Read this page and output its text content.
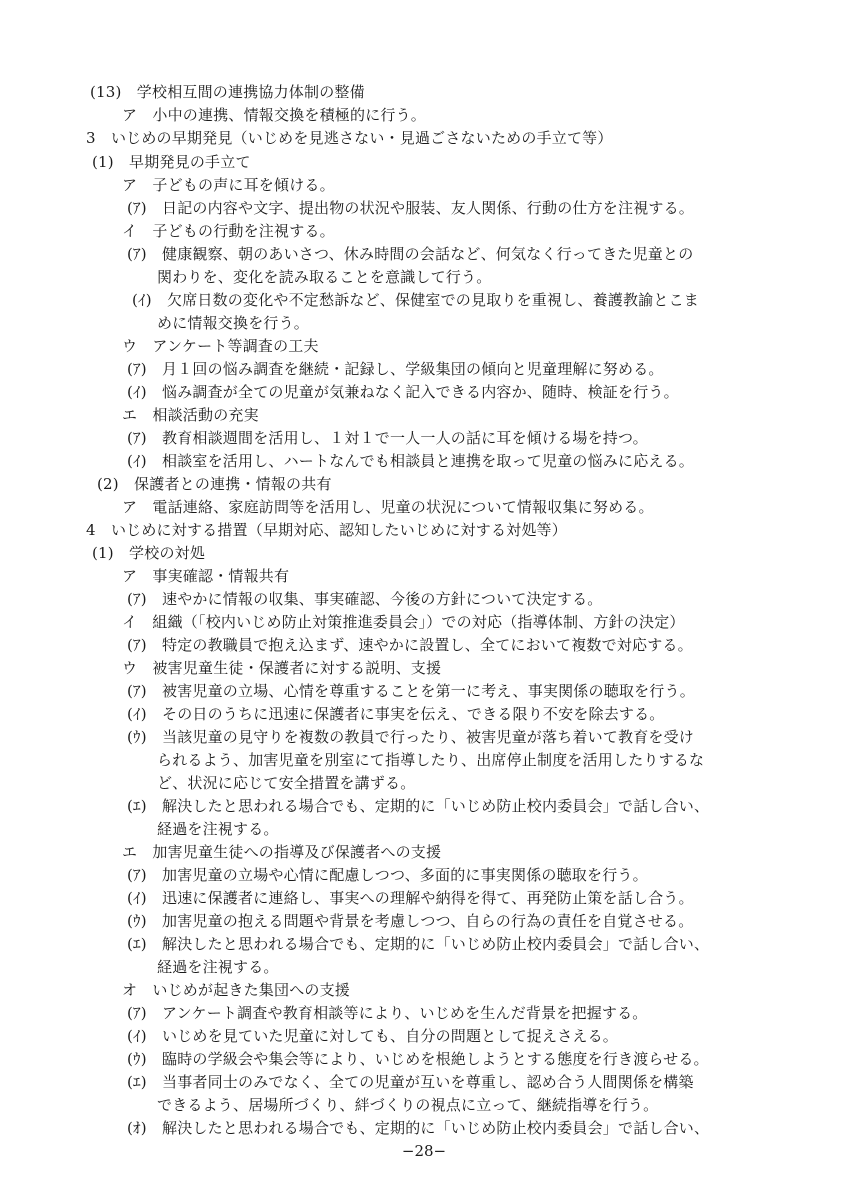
(13)　学校相互間の連携協力体制の整備
ア　小中の連携、情報交換を積極的に行う。
3　いじめの早期発見（いじめを見逃さない・見過ごさないための手立て等）
(1)　早期発見の手立て
ア　子どもの声に耳を傾ける。
(ｱ)　日記の内容や文字、提出物の状況や服装、友人関係、行動の仕方を注視する。
イ　子どもの行動を注視する。
(ｱ)　健康観察、朝のあいさつ、休み時間の会話など、何気なく行ってきた児童との
関わりを、変化を読み取ることを意識して行う。
(ｲ)　欠席日数の変化や不定愁訴など、保健室での見取りを重視し、養護教諭とこま
めに情報交換を行う。
ウ　アンケート等調査の工夫
(ｱ)　月１回の悩み調査を継続・記録し、学級集団の傾向と児童理解に努める。
(ｲ)　悩み調査が全ての児童が気兼ねなく記入できる内容か、随時、検証を行う。
エ　相談活動の充実
(ｱ)　教育相談週間を活用し、１対１で一人一人の話に耳を傾ける場を持つ。
(ｲ)　相談室を活用し、ハートなんでも相談員と連携を取って児童の悩みに応える。
(2)　保護者との連携・情報の共有
ア　電話連絡、家庭訪問等を活用し、児童の状況について情報収集に努める。
4　いじめに対する措置（早期対応、認知したいじめに対する対処等）
(1)　学校の対処
ア　事実確認・情報共有
(ｱ)　速やかに情報の収集、事実確認、今後の方針について決定する。
イ　組織（「校内いじめ防止対策推進委員会」）での対応（指導体制、方針の決定）
(ｱ)　特定の教職員で抱え込まず、速やかに設置し、全てにおいて複数で対応する。
ウ　被害児童生徒・保護者に対する説明、支援
(ｱ)　被害児童の立場、心情を尊重することを第一に考え、事実関係の聴取を行う。
(ｲ)　その日のうちに迅速に保護者に事実を伝え、できる限り不安を除去する。
(ｳ)　当該児童の見守りを複数の教員で行ったり、被害児童が落ち着いて教育を受け
られるよう、加害児童を別室にて指導したり、出席停止制度を活用したりするな
ど、状況に応じて安全措置を講ずる。
(ｴ)　解決したと思われる場合でも、定期的に「いじめ防止校内委員会」で話し合い、
経過を注視する。
エ　加害児童生徒への指導及び保護者への支援
(ｱ)　加害児童の立場や心情に配慮しつつ、多面的に事実関係の聴取を行う。
(ｲ)　迅速に保護者に連絡し、事実への理解や納得を得て、再発防止策を話し合う。
(ｳ)　加害児童の抱える問題や背景を考慮しつつ、自らの行為の責任を自覚させる。
(ｴ)　解決したと思われる場合でも、定期的に「いじめ防止校内委員会」で話し合い、
経過を注視する。
オ　いじめが起きた集団への支援
(ｱ)　アンケート調査や教育相談等により、いじめを生んだ背景を把握する。
(ｲ)　いじめを見ていた児童に対しても、自分の問題として捉えさえる。
(ｳ)　臨時の学級会や集会等により、いじめを根絶しようとする態度を行き渡らせる。
(ｴ)　当事者同士のみでなく、全ての児童が互いを尊重し、認め合う人間関係を構築
できるよう、居場所づくり、絆づくりの視点に立って、継続指導を行う。
(ｵ)　解決したと思われる場合でも、定期的に「いじめ防止校内委員会」で話し合い、
−28−
